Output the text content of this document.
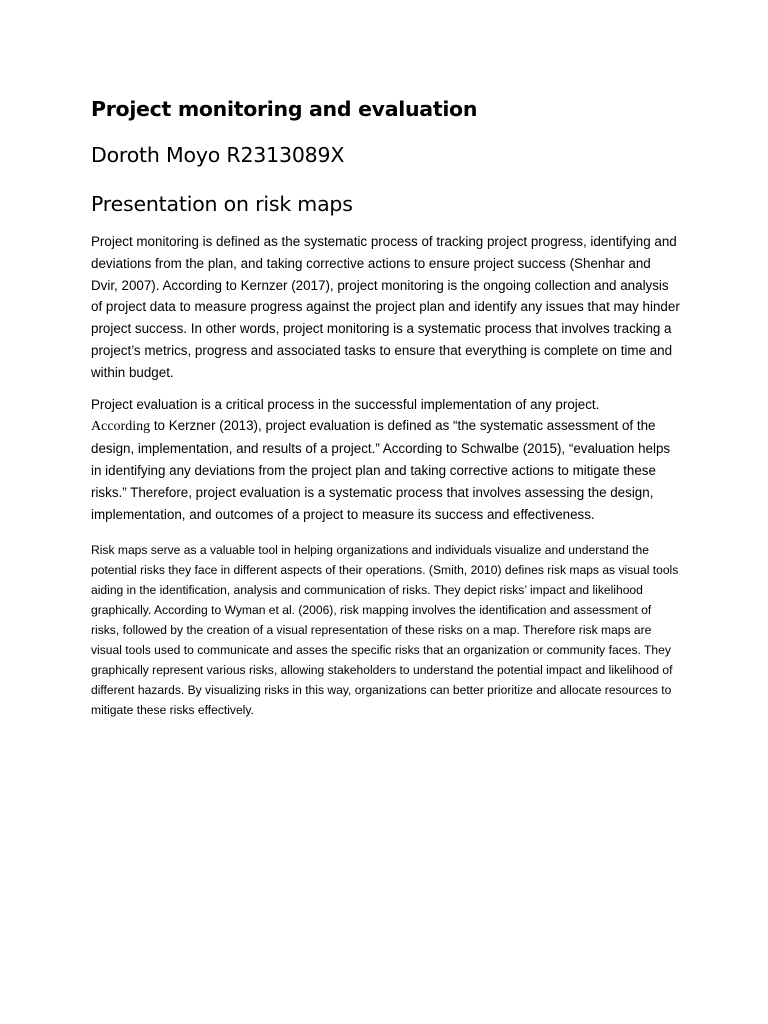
Project monitoring and evaluation
Doroth Moyo R2313089X
Presentation on risk maps

Project monitoring is defined as the systematic process of tracking project progress, identifying and deviations from the plan, and taking corrective actions to ensure project success (Shenhar and Dvir, 2007). According to Kernzer (2017), project monitoring is the ongoing collection and analysis of project data to measure progress against the project plan and identify any issues that may hinder project success. In other words, project monitoring is a systematic process that involves tracking a project’s metrics, progress and associated tasks to ensure that everything is complete on time and within budget.

Project evaluation is a critical process in the successful implementation of any project.
According to Kerzner (2013), project evaluation is defined as “the systematic assessment of the design, implementation, and results of a project.” According to Schwalbe (2015), “evaluation helps in identifying any deviations from the project plan and taking corrective actions to mitigate these risks.” Therefore, project evaluation is a systematic process that involves assessing the design, implementation, and outcomes of a project to measure its success and effectiveness.

Risk maps serve as a valuable tool in helping organizations and individuals visualize and understand the potential risks they face in different aspects of their operations. (Smith, 2010) defines risk maps as visual tools aiding in the identification, analysis and communication of risks. They depict risks’ impact and likelihood graphically. According to Wyman et al. (2006), risk mapping involves the identification and assessment of risks, followed by the creation of a visual representation of these risks on a map. Therefore risk maps are visual tools used to communicate and asses the specific risks that an organization or community faces. They graphically represent various risks, allowing stakeholders to understand the potential impact and likelihood of different hazards. By visualizing risks in this way, organizations can better prioritize and allocate resources to mitigate these risks effectively.
